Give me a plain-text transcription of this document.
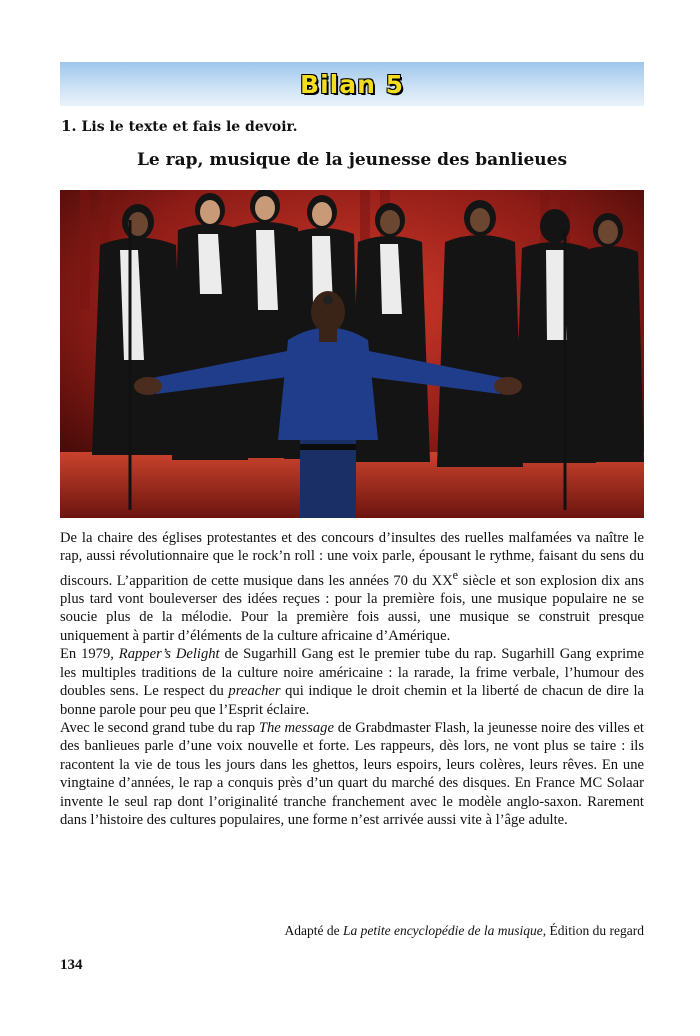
Bilan 5
1. Lis le texte et fais le devoir.
Le rap, musique de la jeunesse des banlieues

De la chaire des églises protestantes et des concours d’insultes des ruelles malfamées va naître le rap, aussi révolutionnaire que le rock’n roll : une voix parle, épousant le rythme, faisant du sens du discours. L’apparition de cette musique dans les années 70 du XXe siècle et son explosion dix ans plus tard vont bouleverser des idées reçues : pour la première fois, une musique populaire ne se soucie plus de la mélodie. Pour la première fois aussi, une musique se construit presque uniquement à partir d’éléments de la culture africaine d’Amérique.

En 1979, Rapper’s Delight de Sugarhill Gang est le premier tube du rap. Sugarhill Gang exprime les multiples traditions de la culture noire américaine : la rarade, la frime verbale, l’humour des doubles sens. Le respect du preacher qui indique le droit chemin et la liberté de chacun de dire la bonne parole pour peu que l’Esprit éclaire.

Avec le second grand tube du rap The message de Grabdmaster Flash, la jeunesse noire des villes et des banlieues parle d’une voix nouvelle et forte. Les rappeurs, dès lors, ne vont plus se taire : ils racontent la vie de tous les jours dans les ghettos, leurs espoirs, leurs colères, leurs rêves. En une vingtaine d’années, le rap a conquis près d’un quart du marché des disques. En France MC Solaar invente le seul rap dont l’originalité tranche franchement avec le modèle anglo-saxon. Rarement dans l’histoire des cultures populaires, une forme n’est arrivée aussi vite à l’âge adulte.

Adapté de La petite encyclopédie de la musique, Édition du regard
134
